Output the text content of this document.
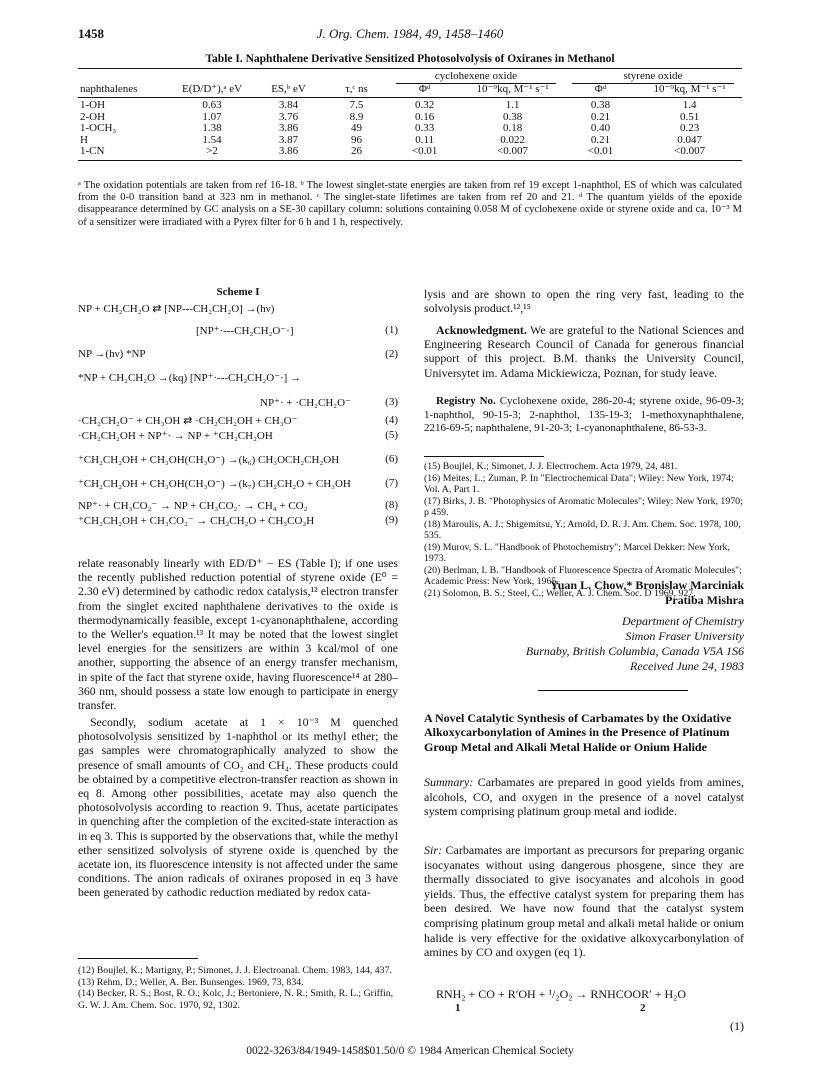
1458	J. Org. Chem. 1984, 49, 1458–1460
Table I. Naphthalene Derivative Sensitized Photosolvolysis of Oxiranes in Methanol

				cyclohexene oxide		styrene oxide	

naphthalenes	E(D/D⁺),ᵃ eV	ES,ᵇ eV	τ,ᶜ ns	Φᵈ	10⁻⁹kq, M⁻¹ s⁻¹	Φᵈ	10⁻⁹kq, M⁻¹ s⁻¹
1-OH	0.63	3.84	7.5	0.32	1.1	0.38	1.4
2-OH	1.07	3.76	8.9	0.16	0.38	0.21	0.51
1-OCH₃	1.38	3.86	49	0.33	0.18	0.40	0.23
H	1.54	3.87	96	0.11	0.022	0.21	0.047
1-CN	>2	3.86	26	<0.01	<0.007	<0.01	<0.007
ᵃ The oxidation potentials are taken from ref 16-18. ᵇ The lowest singlet-state energies are taken from ref 19 except 1-naphthol, ES of which was calculated from the 0-0 transition band at 323 nm in methanol. ᶜ The singlet-state lifetimes are taken from ref 20 and 21. ᵈ The quantum yields of the epoxide disappearance determined by GC analysis on a SE-30 capillary column: solutions containing 0.058 M of cyclohexene oxide or styrene oxide and ca. 10⁻³ M of a sensitizer were irradiated with a Pyrex filter for 6 h and 1 h, respectively.
Scheme I
NP + CH₂CH₂O ⇄ [NP---CH₂CH₂O] →(hν)
[NP⁺·---CH₂CH₂O⁻·]	(1)
NP →(hν) *NP	(2)
*NP + CH₂CH₂O →(kq) [NP⁺·---CH₂CH₂O⁻·] →
NP⁺· + ·CH₂CH₂O⁻	(3)
·CH₂CH₂O⁻ + CH₃OH ⇄ ·CH₂CH₂OH + CH₃O⁻	(4)
·CH₂CH₂OH + NP⁺· → NP + ⁺CH₂CH₂OH	(5)
⁺CH₂CH₂OH + CH₃OH(CH₃O⁻) →(k₆) CH₃OCH₂CH₂OH	(6)
⁺CH₂CH₂OH + CH₃OH(CH₃O⁻) →(k₇) CH₂CH₂O + CH₃OH	(7)
NP⁺· + CH₃CO₂⁻ → NP + CH₃CO₂· → CH₄ + CO₂	(8)
⁺CH₂CH₂OH + CH₃CO₂⁻ → CH₂CH₂O + CH₃CO₂H	(9)
relate reasonably linearly with ED/D⁺ − ES (Table I); if one uses the recently published reduction potential of styrene oxide (E⁰ = 2.30 eV) determined by cathodic redox catalysis,¹² electron transfer from the singlet excited naphthalene derivatives to the oxide is thermodynamically feasible, except 1-cyanonaphthalene, according to the Weller's equation.¹³ It may be noted that the lowest singlet level energies for the sensitizers are within 3 kcal/mol of one another, supporting the absence of an energy transfer mechanism, in spite of the fact that styrene oxide, having fluorescence¹⁴ at 280–360 nm, should possess a state low enough to participate in energy transfer.
Secondly, sodium acetate at 1 × 10⁻³ M quenched photosolvolysis sensitized by 1-naphthol or its methyl ether; the gas samples were chromatographically analyzed to show the presence of small amounts of CO₂ and CH₄. These products could be obtained by a competitive electron-transfer reaction as shown in eq 8. Among other possibilities, acetate may also quench the photosolvolysis according to reaction 9. Thus, acetate participates in quenching after the completion of the excited-state interaction as in eq 3. This is supported by the observations that, while the methyl ether sensitized solvolysis of styrene oxide is quenched by the acetate ion, its fluorescence intensity is not affected under the same conditions. The anion radicals of oxiranes proposed in eq 3 have been generated by cathodic reduction mediated by redox cata-
(12) Boujlel, K.; Martigny, P.; Simonet, J. J. Electroanal. Chem. 1983, 144, 437.
(13) Rehm, D.; Weller, A. Ber. Bunsenges. 1969, 73, 834.
(14) Becker, R. S.; Bost, R. O.; Kolc, J.; Bertoniere, N. R.; Smith, R. L.; Griffin, G. W. J. Am. Chem. Soc. 1970, 92, 1302.
lysis and are shown to open the ring very fast, leading to the solvolysis product.¹²,¹⁵
Acknowledgment. We are grateful to the National Sciences and Engineering Research Council of Canada for generous financial support of this project. B.M. thanks the University Council, Universytet im. Adama Mickiewicza, Poznan, for study leave.
Registry No. Cyclohexene oxide, 286-20-4; styrene oxide, 96-09-3; 1-naphthol, 90-15-3; 2-naphthol, 135-19-3; 1-methoxynaphthalene, 2216-69-5; naphthalene, 91-20-3; 1-cyanonaphthalene, 86-53-3.
(15) Boujlel, K.; Simonet, J. J. Electrochem. Acta 1979, 24, 481.
(16) Meites, L.; Zuman, P. In "Electrochemical Data"; Wiley: New York, 1974; Vol. A, Part 1.
(17) Birks, J. B. "Photophysics of Aromatic Molecules"; Wiley: New York, 1970; p 459.
(18) Maroulis, A. J.; Shigemitsu, Y.; Arnold, D. R. J. Am. Chem. Soc. 1978, 100, 535.
(19) Murov, S. L. "Handbook of Photochemistry"; Marcel Dekker: New York, 1973.
(20) Berlman, I. B. "Handbook of Fluorescence Spectra of Aromatic Molecules"; Academic Press: New York, 1965.
(21) Solomon, B. S.; Steel, C.; Weller, A. J. Chem. Soc. D 1969, 927.
Yuan L. Chow,* Bronislaw Marciniak
Pratiba Mishra
Department of Chemistry
Simon Fraser University
Burnaby, British Columbia, Canada V5A 1S6
Received June 24, 1983
A Novel Catalytic Synthesis of Carbamates by the Oxidative Alkoxycarbonylation of Amines in the Presence of Platinum Group Metal and Alkali Metal Halide or Onium Halide
Summary: Carbamates are prepared in good yields from amines, alcohols, CO, and oxygen in the presence of a novel catalyst system comprising platinum group metal and iodide.
Sir: Carbamates are important as precursors for preparing organic isocyanates without using dangerous phosgene, since they are thermally dissociated to give isocyanates and alcohols in good yields. Thus, the effective catalyst system for preparing them has been desired. We have now found that the catalyst system comprising platinum group metal and alkali metal halide or onium halide is very effective for the oxidative alkoxycarbonylation of amines by CO and oxygen (eq 1).
RNH₂ + CO + R′OH + ¹/₂O₂ → RNHCOOR′ + H₂O
1	2
(1)
0022-3263/84/1949-1458$01.50/0 © 1984 American Chemical Society
